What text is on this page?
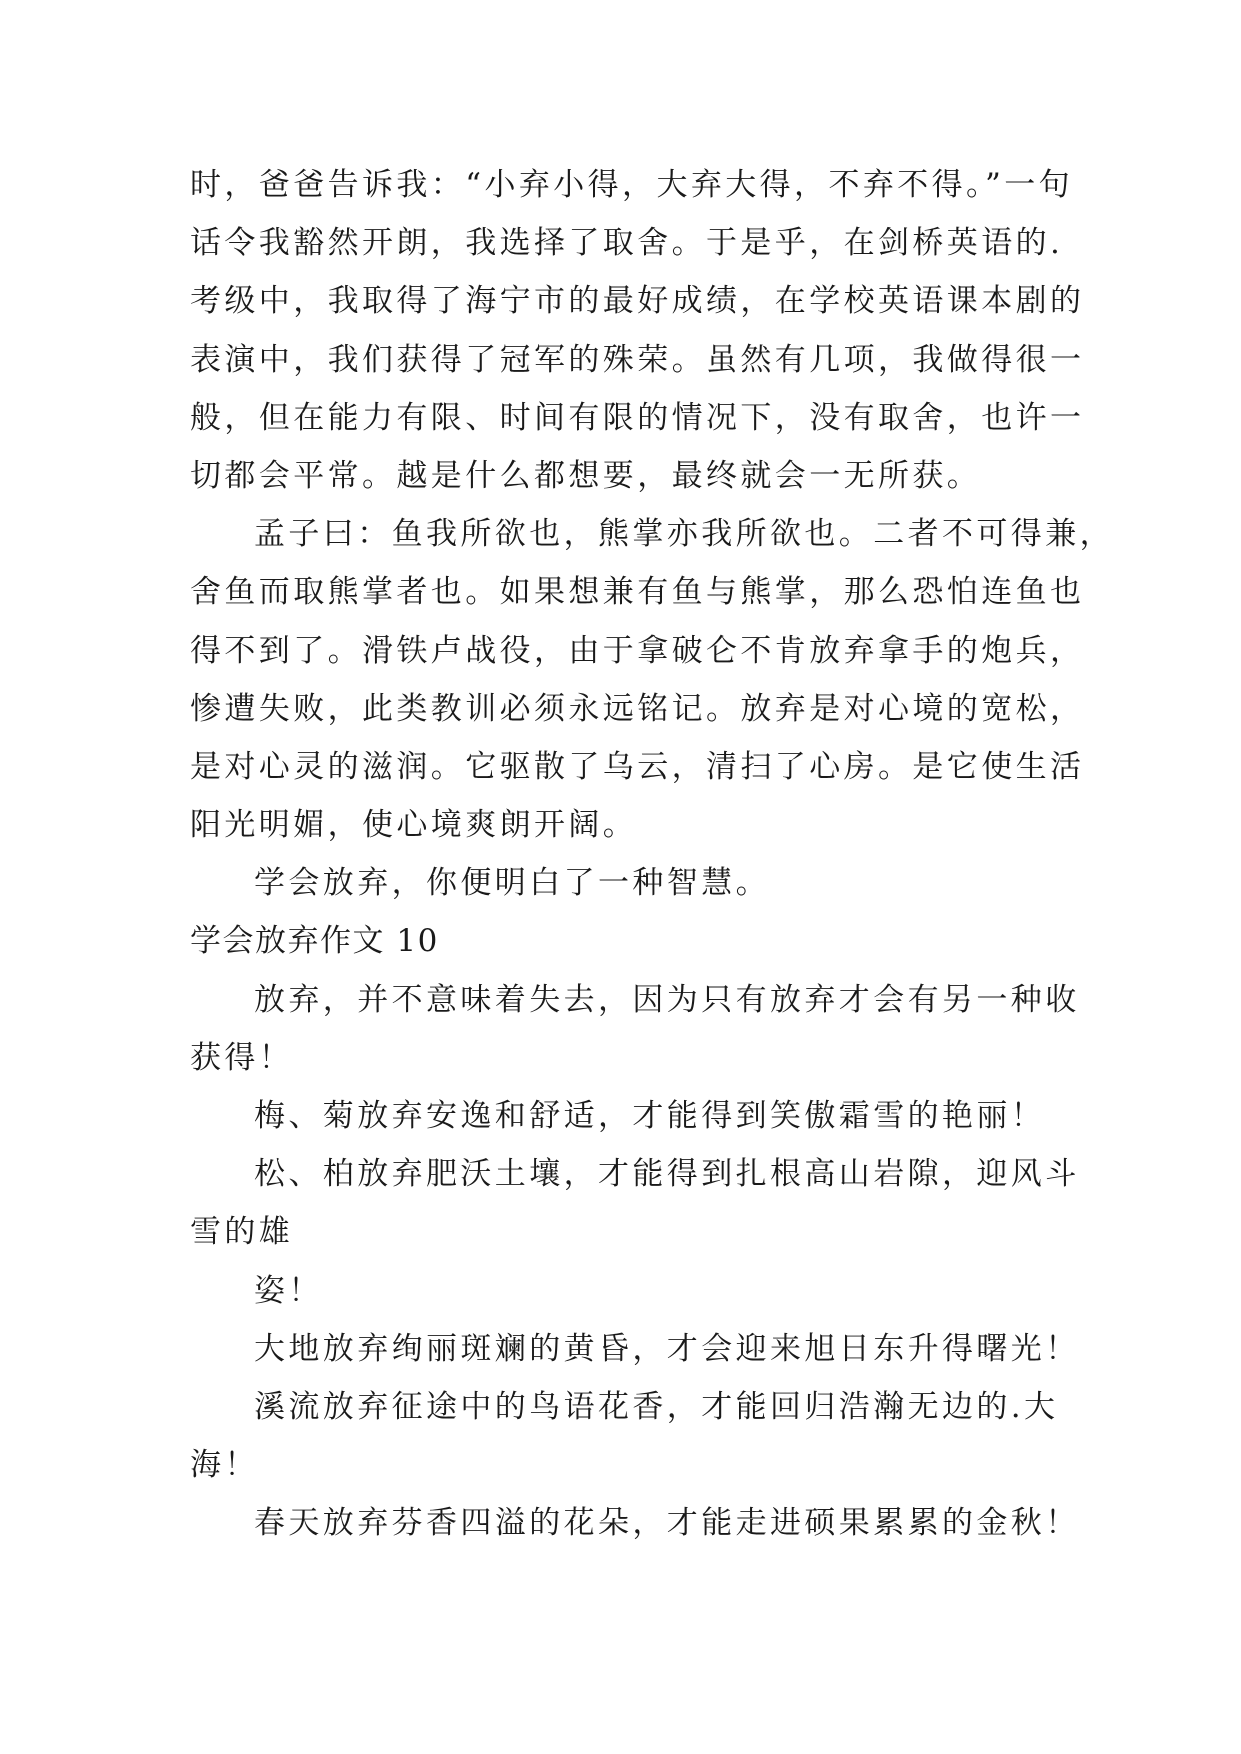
时，爸爸告诉我：“小弃小得，大弃大得，不弃不得。”一句
话令我豁然开朗，我选择了取舍。于是乎，在剑桥英语的.
考级中，我取得了海宁市的最好成绩，在学校英语课本剧的
表演中，我们获得了冠军的殊荣。虽然有几项，我做得很一
般，但在能力有限、时间有限的情况下，没有取舍，也许一
切都会平常。越是什么都想要，最终就会一无所获。
孟子曰：鱼我所欲也，熊掌亦我所欲也。二者不可得兼，
舍鱼而取熊掌者也。如果想兼有鱼与熊掌，那么恐怕连鱼也
得不到了。滑铁卢战役，由于拿破仑不肯放弃拿手的炮兵，
惨遭失败，此类教训必须永远铭记。放弃是对心境的宽松，
是对心灵的滋润。它驱散了乌云，清扫了心房。是它使生活
阳光明媚，使心境爽朗开阔。
学会放弃，你便明白了一种智慧。
学会放弃作文 10
放弃，并不意味着失去，因为只有放弃才会有另一种收
获得！
梅、菊放弃安逸和舒适，才能得到笑傲霜雪的艳丽！
松、柏放弃肥沃土壤，才能得到扎根高山岩隙，迎风斗
雪的雄
姿！
大地放弃绚丽斑斓的黄昏，才会迎来旭日东升得曙光！
溪流放弃征途中的鸟语花香，才能回归浩瀚无边的.大
海！
春天放弃芬香四溢的花朵，才能走进硕果累累的金秋！
